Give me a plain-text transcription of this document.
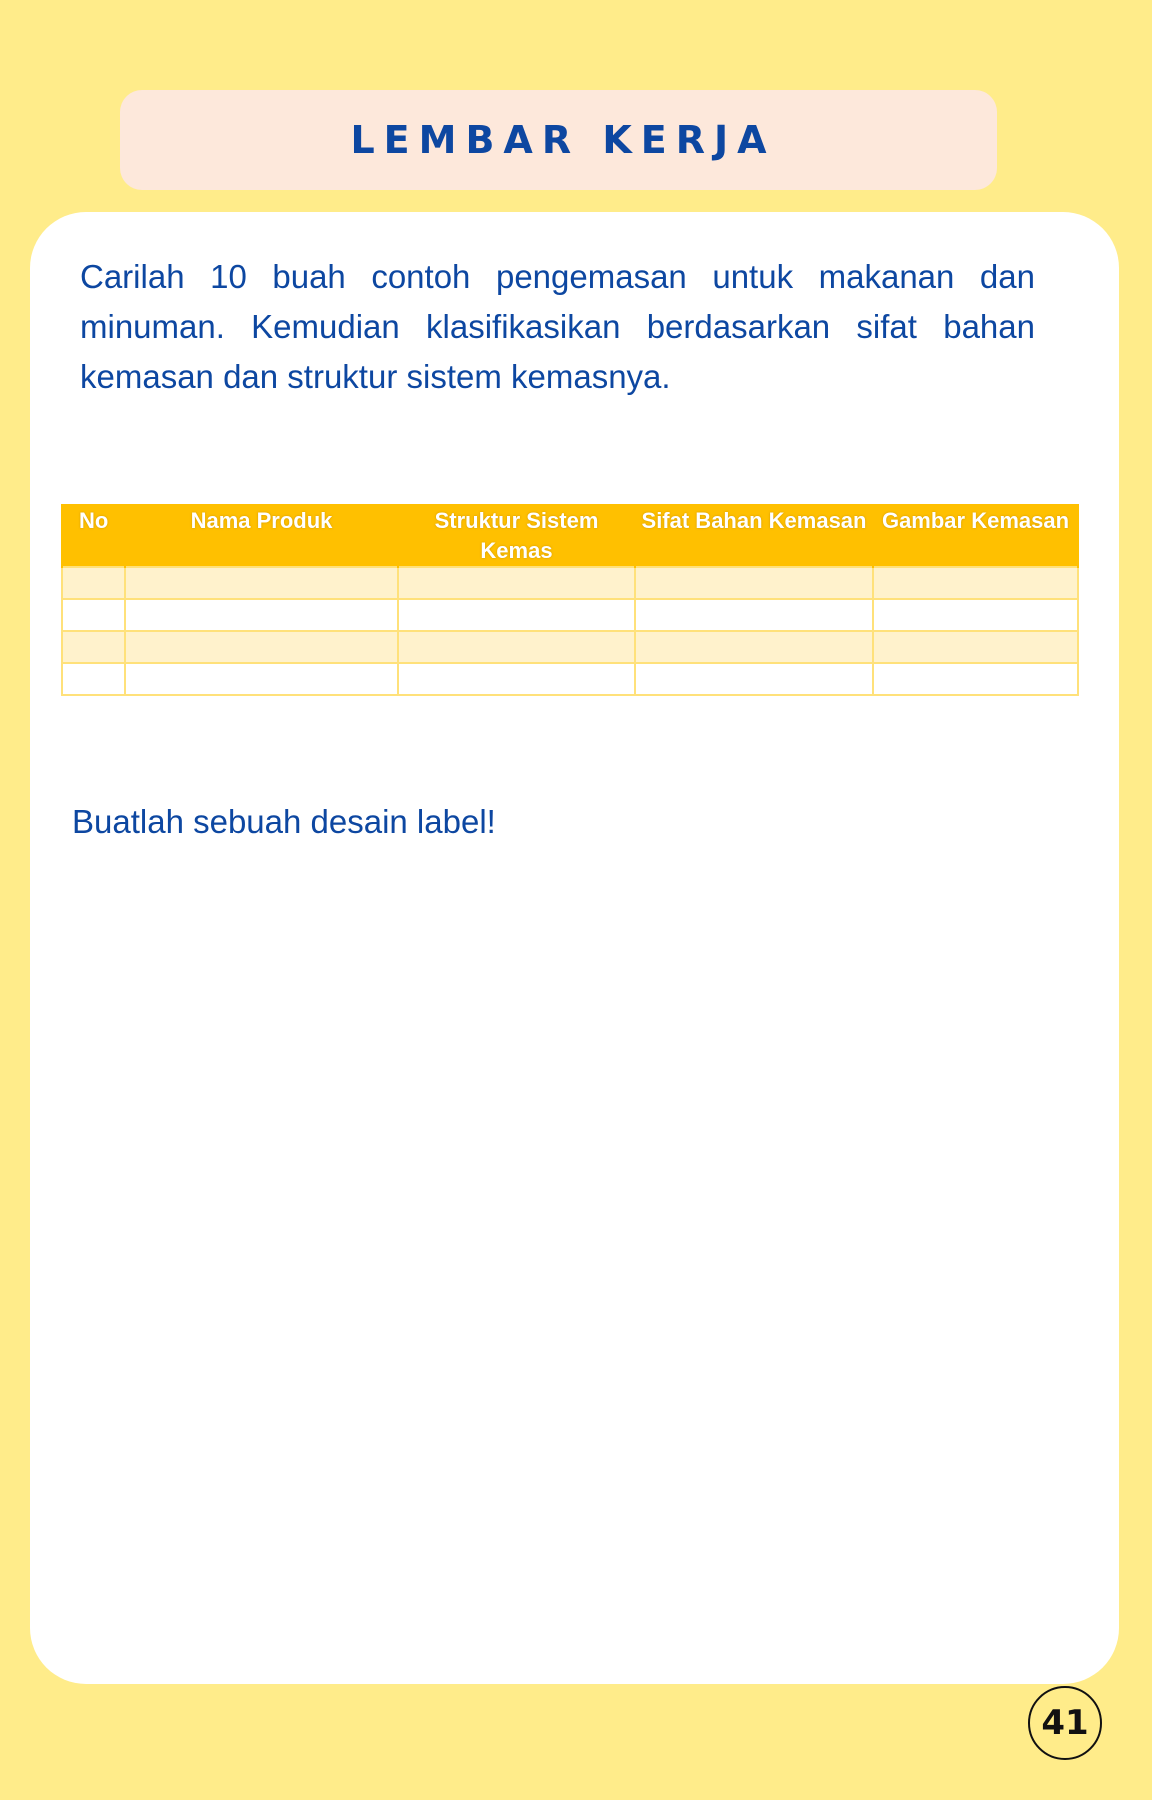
LEMBAR KERJA

Carilah 10 buah contoh pengemasan untuk makanan dan minuman. Kemudian klasifikasikan berdasarkan sifat bahan kemasan dan struktur sistem kemasnya.

No	Nama Produk	Struktur Sistem Kemas	Sifat Bahan Kemasan	Gambar Kemasan

Buatlah sebuah desain label!

41
